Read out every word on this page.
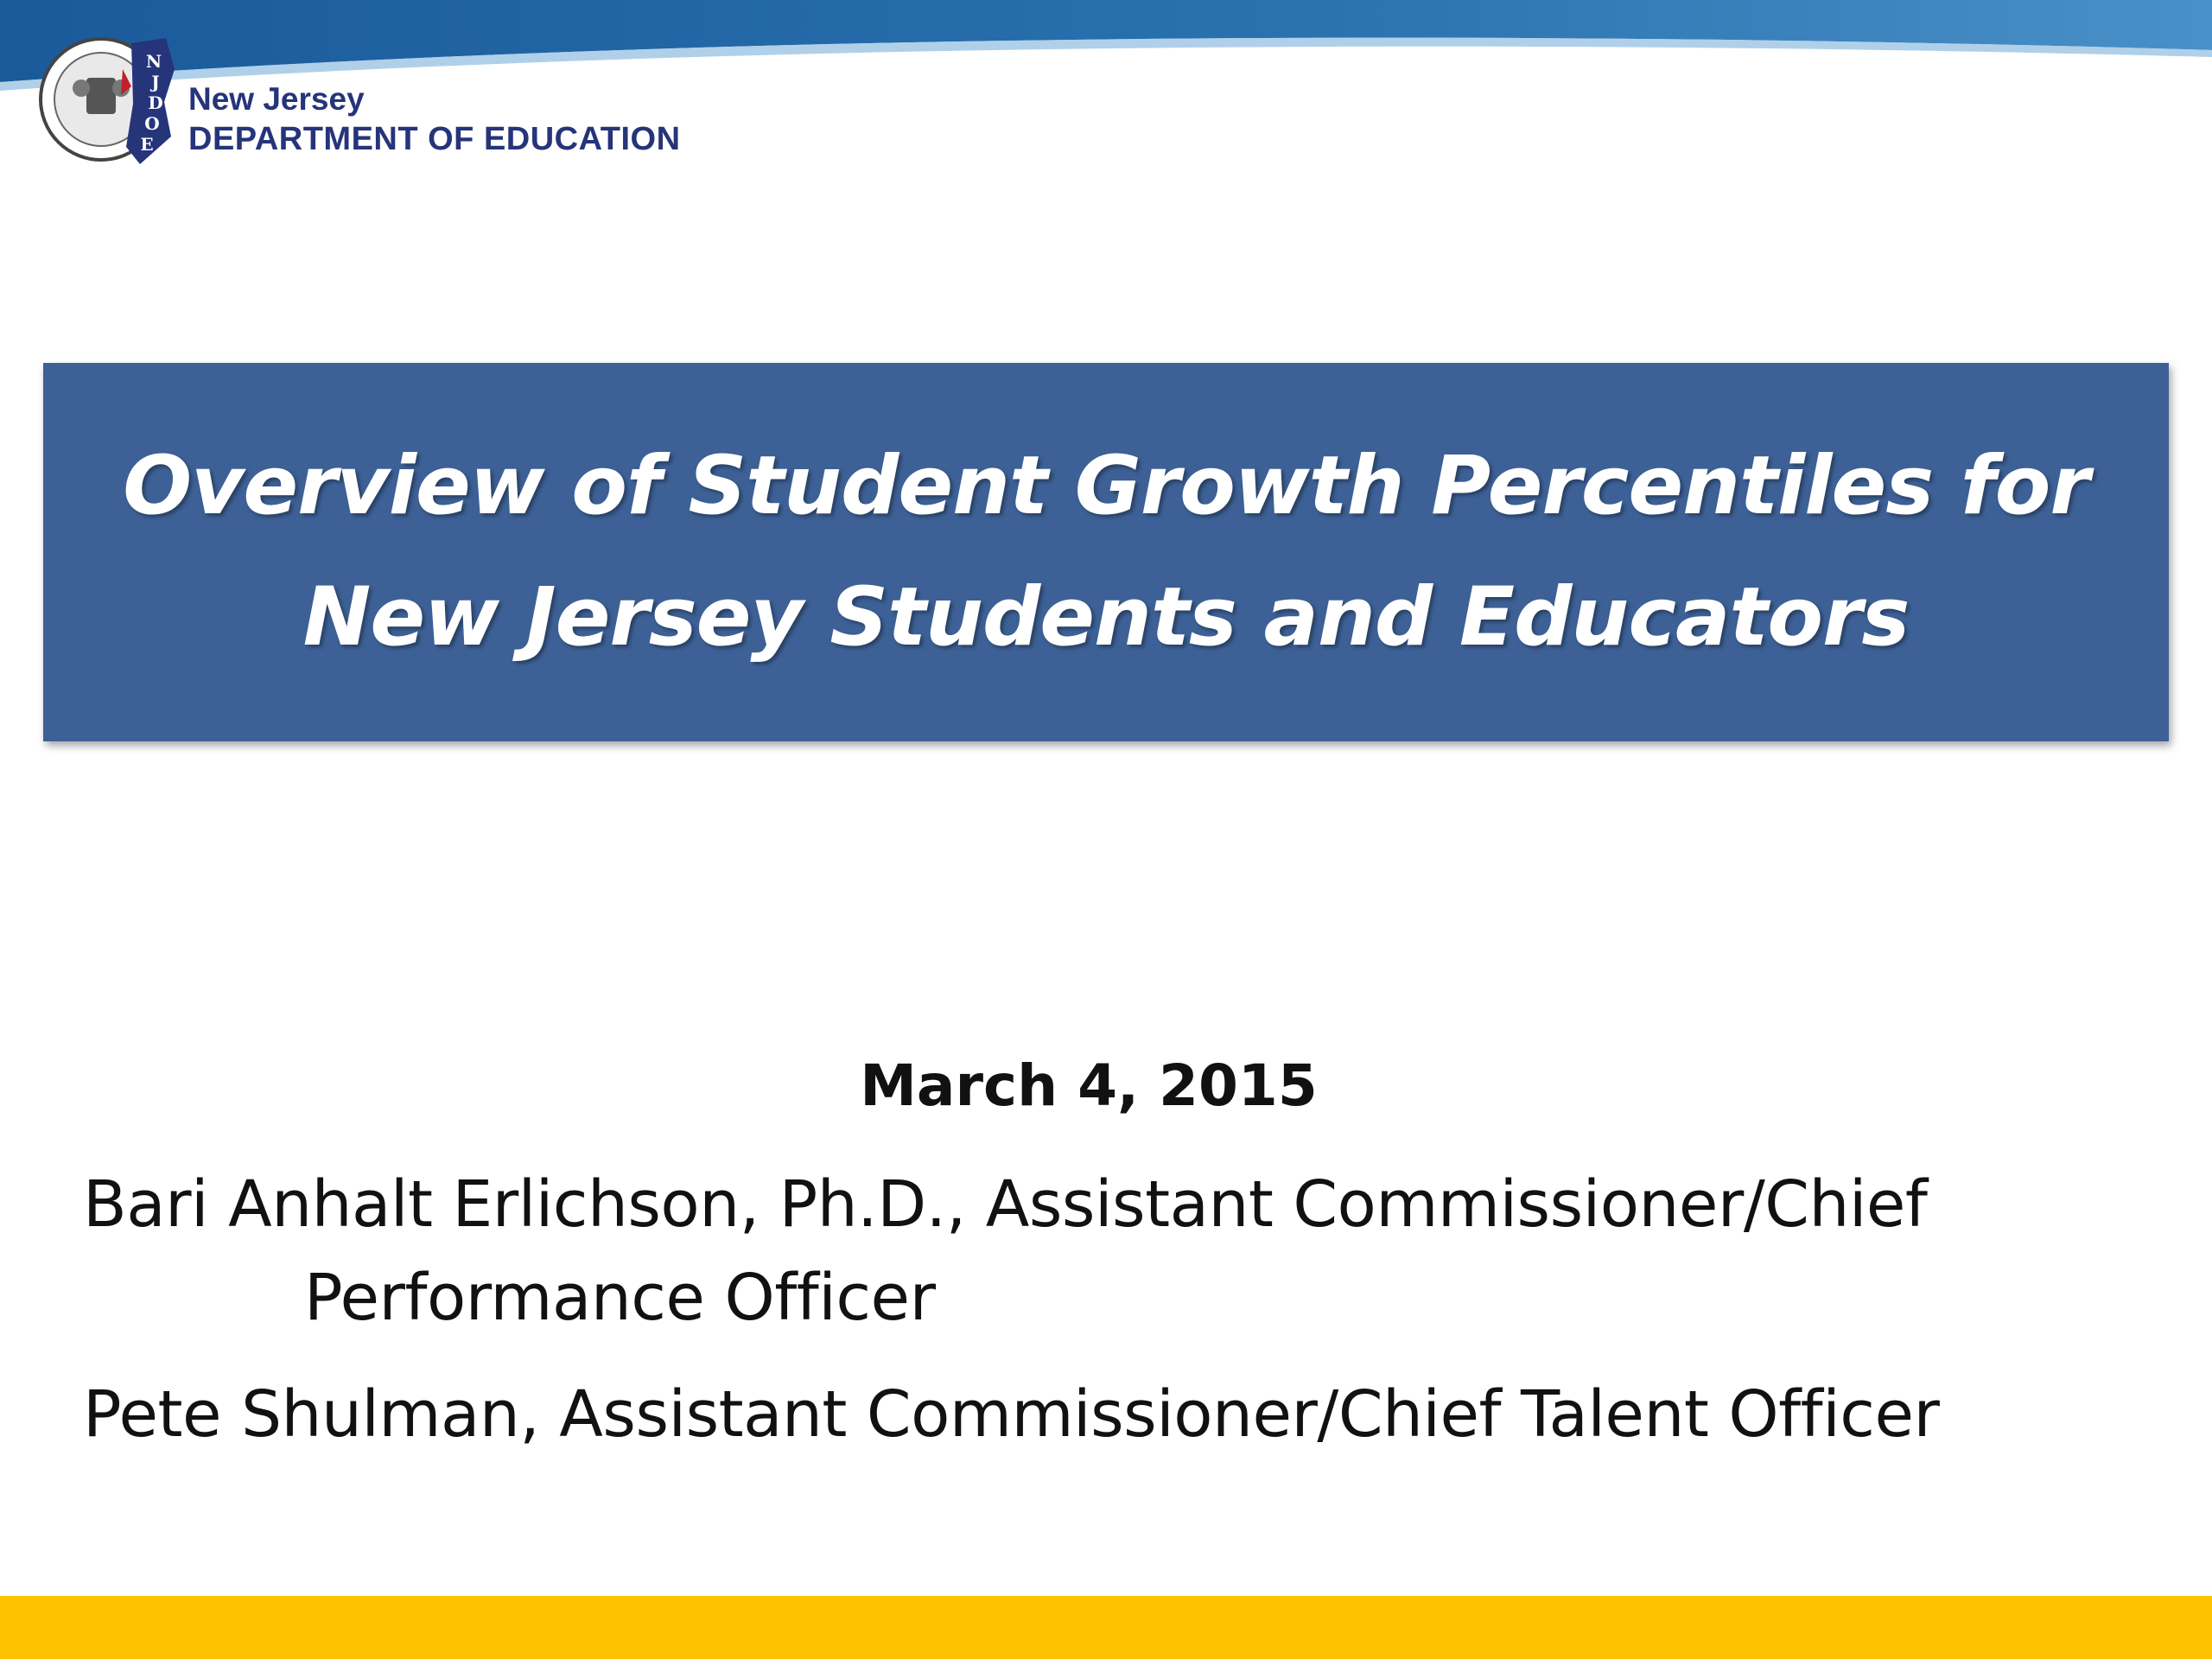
N
J
D
O
E
New Jersey
DEPARTMENT OF EDUCATION
Overview of Student Growth Percentiles for
New Jersey Students and Educators
March 4, 2015
Bari Anhalt Erlichson, Ph.D., Assistant Commissioner/Chief
Performance Officer
Pete Shulman, Assistant Commissioner/Chief Talent Officer
